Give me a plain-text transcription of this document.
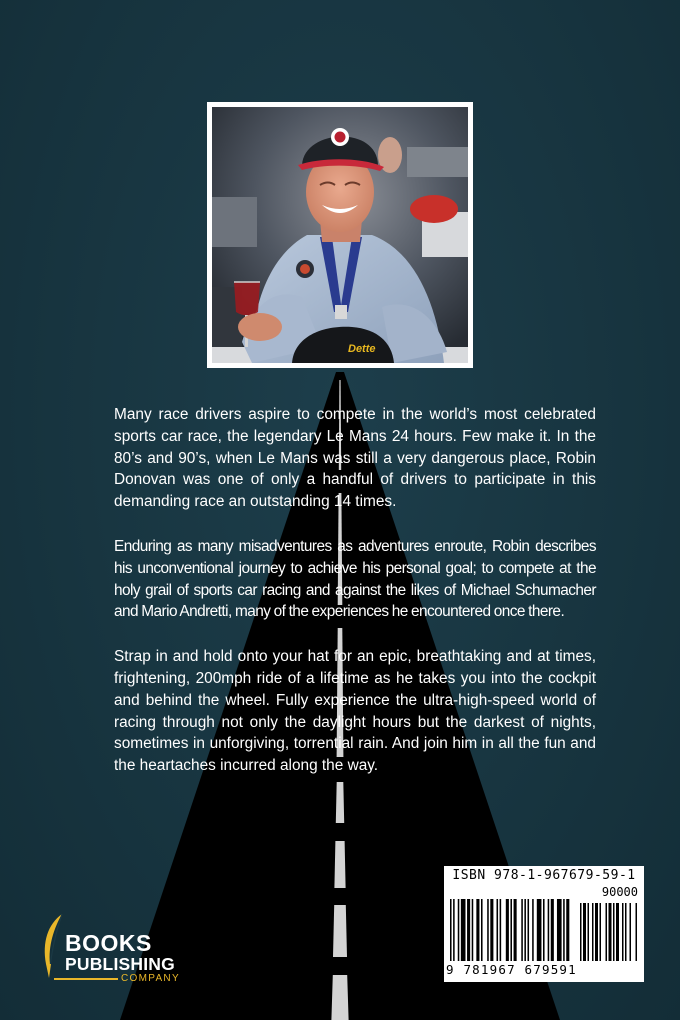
Dette

Many race drivers aspire to compete in the world’s most celebrated sports car race, the legendary Le Mans 24 hours. Few make it. In the 80’s and 90’s, when Le Mans was still a very dangerous place, Robin Donovan was one of only a handful of drivers to participate in this demanding race an outstanding 14 times.

Enduring as many misadventures as adventures enroute, Robin describes his unconventional journey to achieve his personal goal; to compete at the holy grail of sports car racing and against the likes of Michael Schumacher and Mario Andretti, many of the experiences he encountered once there.

Strap in and hold onto your hat for an epic, breathtaking and at times, frightening, 200mph ride of a lifetime as he takes you into the cockpit and behind the wheel. Fully experience the ultra-high-speed world of racing through not only the daylight hours but the darkest of nights, sometimes in unforgiving, torrential rain. And join him in all the fun and the heartaches incurred along the way.

ISBN 978-1-967679-59-1
90000
9 781967 679591
BOOKS
PUBLISHING
COMPANY
